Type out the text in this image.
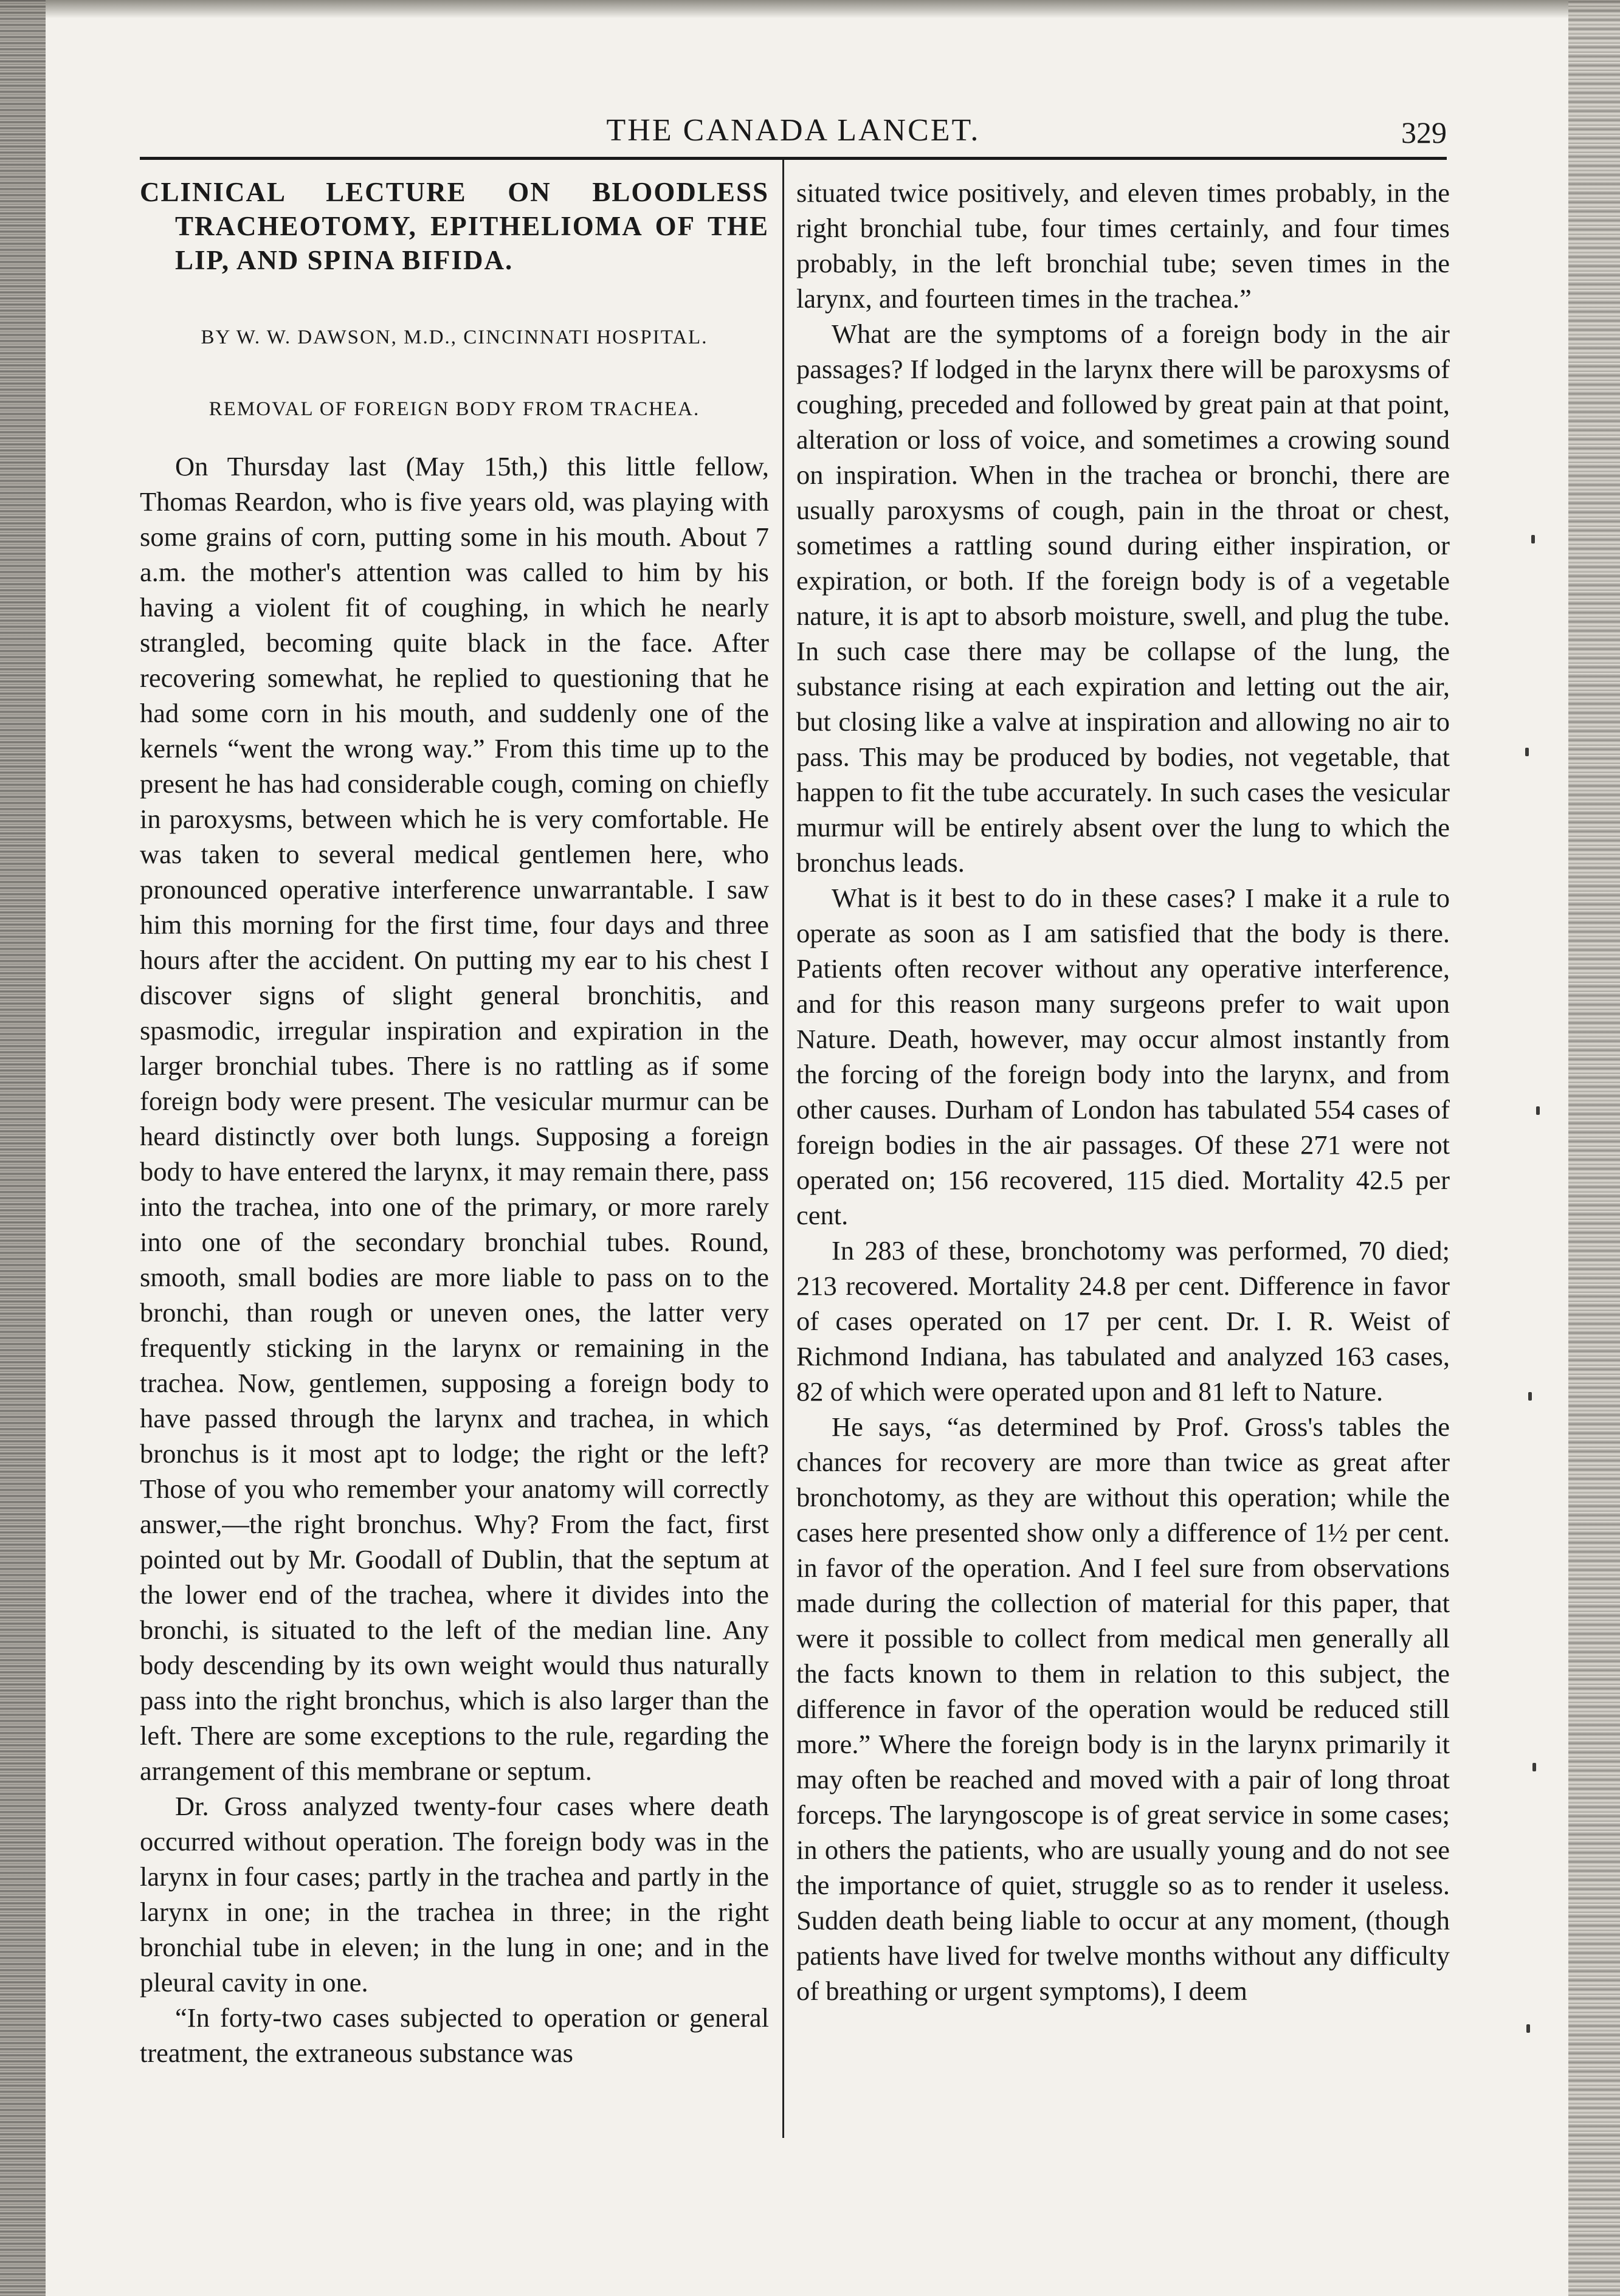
THE CANADA LANCET.	329
CLINICAL LECTURE ON BLOODLESS TRACHEOTOMY, EPITHELIOMA OF THE LIP, AND SPINA BIFIDA.
BY W. W. DAWSON, M.D., CINCINNATI HOSPITAL.
REMOVAL OF FOREIGN BODY FROM TRACHEA.

On Thursday last (May 15th,) this little fellow, Thomas Reardon, who is five years old, was playing with some grains of corn, putting some in his mouth. About 7 a.m. the mother's attention was called to him by his having a violent fit of coughing, in which he nearly strangled, becoming quite black in the face. After recovering somewhat, he replied to questioning that he had some corn in his mouth, and suddenly one of the kernels “went the wrong way.” From this time up to the present he has had considerable cough, coming on chiefly in paroxysms, between which he is very comfortable. He was taken to several medical gentlemen here, who pronounced operative interference unwarrantable. I saw him this morning for the first time, four days and three hours after the accident. On putting my ear to his chest I discover signs of slight general bronchitis, and spasmodic, irregular inspiration and expiration in the larger bronchial tubes. There is no rattling as if some foreign body were present. The vesicular murmur can be heard distinctly over both lungs. Supposing a foreign body to have entered the larynx, it may remain there, pass into the trachea, into one of the primary, or more rarely into one of the secondary bronchial tubes. Round, smooth, small bodies are more liable to pass on to the bronchi, than rough or uneven ones, the latter very frequently sticking in the larynx or remaining in the trachea. Now, gentlemen, supposing a foreign body to have passed through the larynx and trachea, in which bronchus is it most apt to lodge; the right or the left? Those of you who remember your anatomy will correctly answer,—the right bronchus. Why? From the fact, first pointed out by Mr. Goodall of Dublin, that the septum at the lower end of the trachea, where it divides into the bronchi, is situated to the left of the median line. Any body descending by its own weight would thus naturally pass into the right bronchus, which is also larger than the left. There are some exceptions to the rule, regarding the arrangement of this membrane or septum.

Dr. Gross analyzed twenty-four cases where death occurred without operation. The foreign body was in the larynx in four cases; partly in the trachea and partly in the larynx in one; in the trachea in three; in the right bronchial tube in eleven; in the lung in one; and in the pleural cavity in one.

“In forty-two cases subjected to operation or general treatment, the extraneous substance was

situated twice positively, and eleven times probably, in the right bronchial tube, four times certainly, and four times probably, in the left bronchial tube; seven times in the larynx, and fourteen times in the trachea.”

What are the symptoms of a foreign body in the air passages? If lodged in the larynx there will be paroxysms of coughing, preceded and followed by great pain at that point, alteration or loss of voice, and sometimes a crowing sound on inspiration. When in the trachea or bronchi, there are usually paroxysms of cough, pain in the throat or chest, sometimes a rattling sound during either inspiration, or expiration, or both. If the foreign body is of a vegetable nature, it is apt to absorb moisture, swell, and plug the tube. In such case there may be collapse of the lung, the substance rising at each expiration and letting out the air, but closing like a valve at inspiration and allowing no air to pass. This may be produced by bodies, not vegetable, that happen to fit the tube accurately. In such cases the vesicular murmur will be entirely absent over the lung to which the bronchus leads.

What is it best to do in these cases? I make it a rule to operate as soon as I am satisfied that the body is there. Patients often recover without any operative interference, and for this reason many surgeons prefer to wait upon Nature. Death, however, may occur almost instantly from the forcing of the foreign body into the larynx, and from other causes. Durham of London has tabulated 554 cases of foreign bodies in the air passages. Of these 271 were not operated on; 156 recovered, 115 died. Mortality 42.5 per cent.

In 283 of these, bronchotomy was performed, 70 died; 213 recovered. Mortality 24.8 per cent. Difference in favor of cases operated on 17 per cent. Dr. I. R. Weist of Richmond Indiana, has tabulated and analyzed 163 cases, 82 of which were operated upon and 81 left to Nature.

He says, “as determined by Prof. Gross's tables the chances for recovery are more than twice as great after bronchotomy, as they are without this operation; while the cases here presented show only a difference of 1½ per cent. in favor of the operation. And I feel sure from observations made during the collection of material for this paper, that were it possible to collect from medical men generally all the facts known to them in relation to this subject, the difference in favor of the operation would be reduced still more.” Where the foreign body is in the larynx primarily it may often be reached and moved with a pair of long throat forceps. The laryngoscope is of great service in some cases; in others the patients, who are usually young and do not see the importance of quiet, struggle so as to render it useless. Sudden death being liable to occur at any moment, (though patients have lived for twelve months without any difficulty of breathing or urgent symptoms), I deem
